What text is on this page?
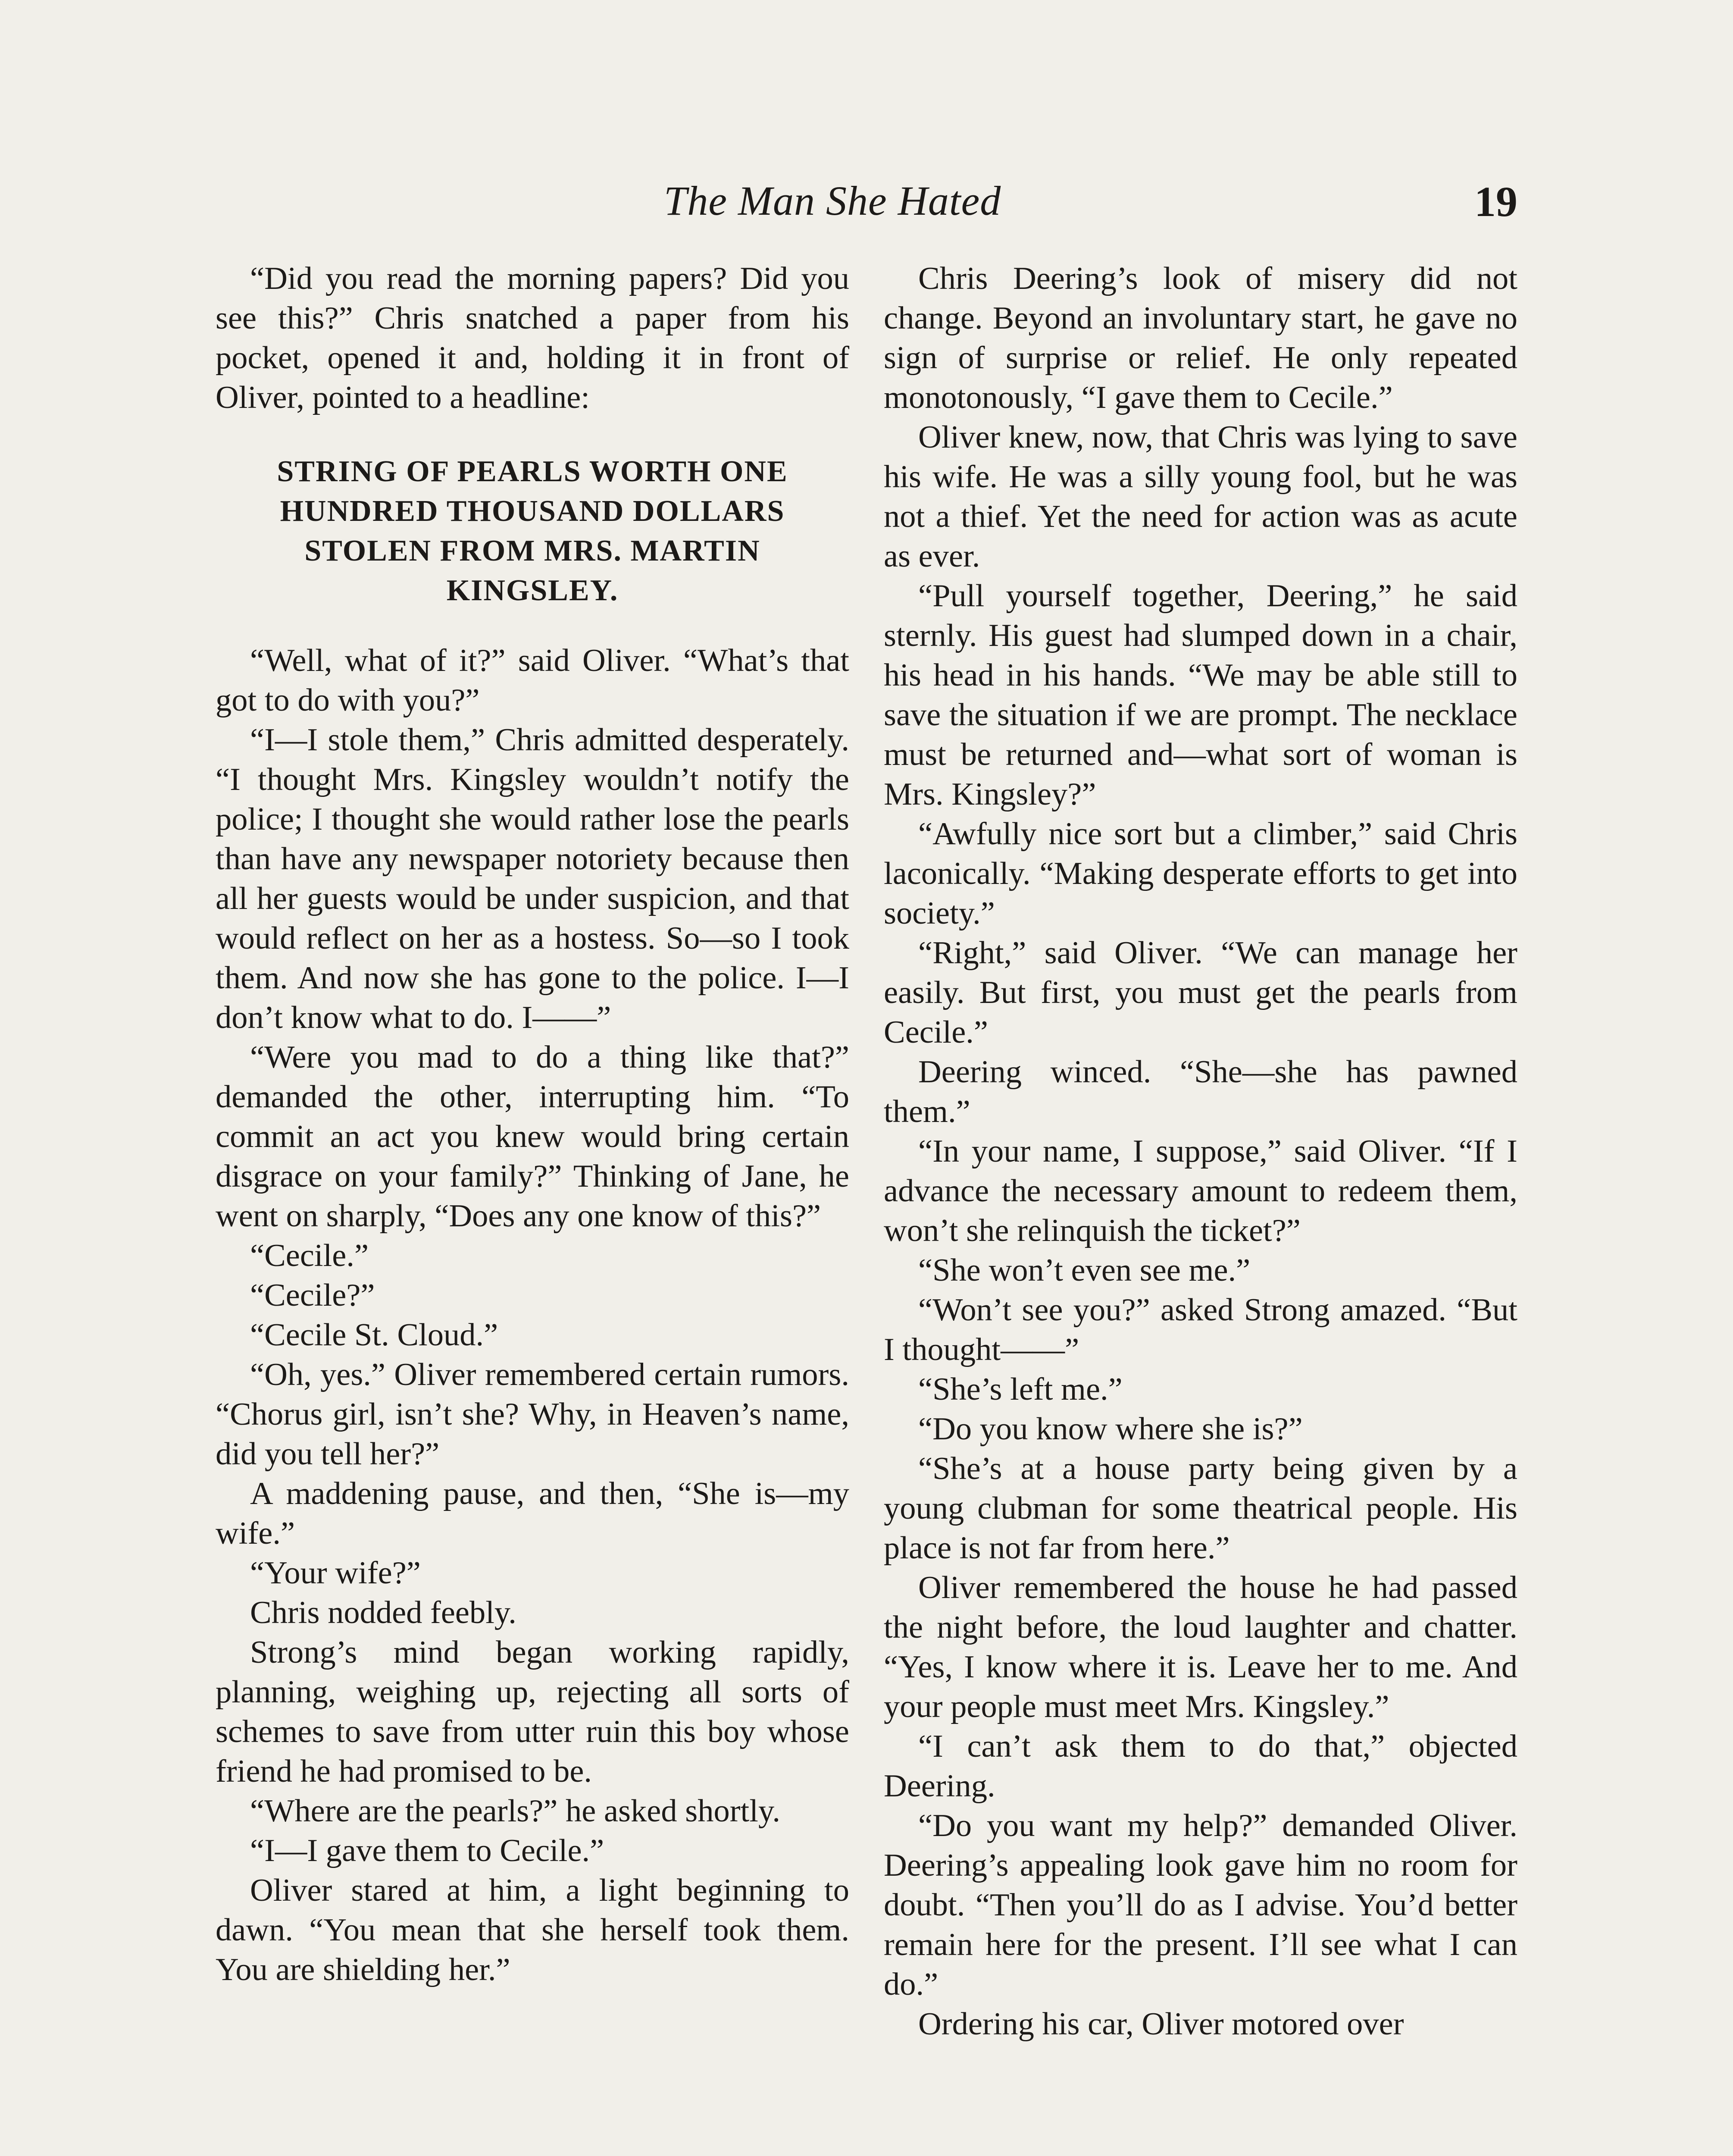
The Man She Hated	19

“Did you read the morning papers? Did you see this?” Chris snatched a paper from his pocket, opened it and, holding it in front of Oliver, pointed to a headline:

STRING OF PEARLS WORTH ONE HUNDRED THOUSAND DOLLARS STOLEN FROM MRS. MARTIN KINGSLEY.

“Well, what of it?” said Oliver. “What’s that got to do with you?”

“I—I stole them,” Chris admitted desperately. “I thought Mrs. Kingsley wouldn’t notify the police; I thought she would rather lose the pearls than have any newspaper notoriety because then all her guests would be under suspicion, and that would reflect on her as a hostess. So—so I took them. And now she has gone to the police. I—I don’t know what to do. I——”

“Were you mad to do a thing like that?” demanded the other, interrupting him. “To commit an act you knew would bring certain disgrace on your family?” Thinking of Jane, he went on sharply, “Does any one know of this?”

“Cecile.”

“Cecile?”

“Cecile St. Cloud.”

“Oh, yes.” Oliver remembered certain rumors. “Chorus girl, isn’t she? Why, in Heaven’s name, did you tell her?”

A maddening pause, and then, “She is—my wife.”

“Your wife?”

Chris nodded feebly.

Strong’s mind began working rapidly, planning, weighing up, rejecting all sorts of schemes to save from utter ruin this boy whose friend he had promised to be.

“Where are the pearls?” he asked shortly.

“I—I gave them to Cecile.”

Oliver stared at him, a light beginning to dawn. “You mean that she herself took them. You are shielding her.”

Chris Deering’s look of misery did not change. Beyond an involuntary start, he gave no sign of surprise or relief. He only repeated monotonously, “I gave them to Cecile.”

Oliver knew, now, that Chris was lying to save his wife. He was a silly young fool, but he was not a thief. Yet the need for action was as acute as ever.

“Pull yourself together, Deering,” he said sternly. His guest had slumped down in a chair, his head in his hands. “We may be able still to save the situation if we are prompt. The necklace must be returned and—what sort of woman is Mrs. Kingsley?”

“Awfully nice sort but a climber,” said Chris laconically. “Making desperate efforts to get into society.”

“Right,” said Oliver. “We can manage her easily. But first, you must get the pearls from Cecile.”

Deering winced. “She—she has pawned them.”

“In your name, I suppose,” said Oliver. “If I advance the necessary amount to redeem them, won’t she relinquish the ticket?”

“She won’t even see me.”

“Won’t see you?” asked Strong amazed. “But I thought——”

“She’s left me.”

“Do you know where she is?”

“She’s at a house party being given by a young clubman for some theatrical people. His place is not far from here.”

Oliver remembered the house he had passed the night before, the loud laughter and chatter. “Yes, I know where it is. Leave her to me. And your people must meet Mrs. Kingsley.”

“I can’t ask them to do that,” objected Deering.

“Do you want my help?” demanded Oliver. Deering’s appealing look gave him no room for doubt. “Then you’ll do as I advise. You’d better remain here for the present. I’ll see what I can do.”

Ordering his car, Oliver motored over
